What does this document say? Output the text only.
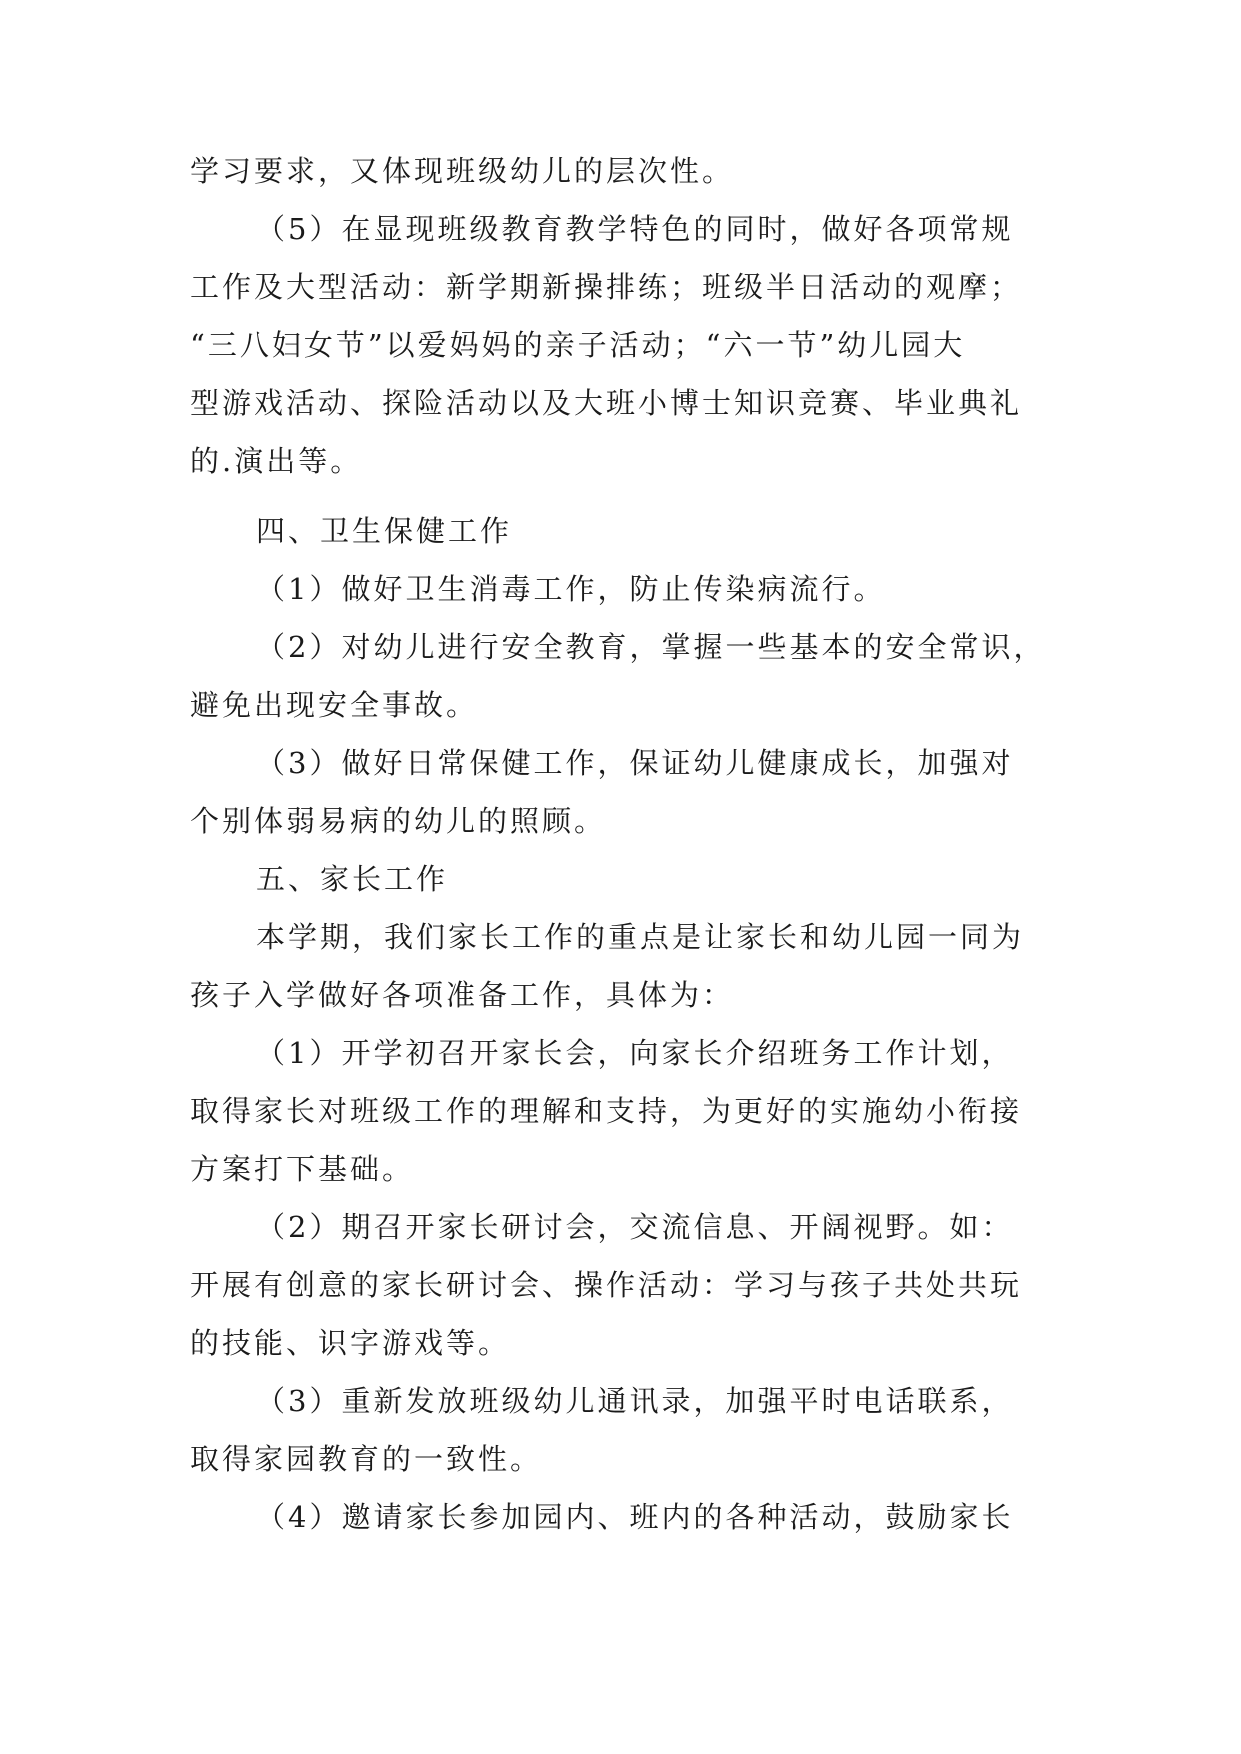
学习要求，又体现班级幼儿的层次性。
（5）在显现班级教育教学特色的同时，做好各项常规
工作及大型活动：新学期新操排练；班级半日活动的观摩；
“三八妇女节”以爱妈妈的亲子活动；“六一节”幼儿园大
型游戏活动、探险活动以及大班小博士知识竞赛、毕业典礼
的.演出等。
四、卫生保健工作
（1）做好卫生消毒工作，防止传染病流行。
（2）对幼儿进行安全教育，掌握一些基本的安全常识，
避免出现安全事故。
（3）做好日常保健工作，保证幼儿健康成长，加强对
个别体弱易病的幼儿的照顾。
五、家长工作
本学期，我们家长工作的重点是让家长和幼儿园一同为
孩子入学做好各项准备工作，具体为：
（1）开学初召开家长会，向家长介绍班务工作计划，
取得家长对班级工作的理解和支持，为更好的实施幼小衔接
方案打下基础。
（2）期召开家长研讨会，交流信息、开阔视野。如：
开展有创意的家长研讨会、操作活动：学习与孩子共处共玩
的技能、识字游戏等。
（3）重新发放班级幼儿通讯录，加强平时电话联系，
取得家园教育的一致性。
（4）邀请家长参加园内、班内的各种活动，鼓励家长
